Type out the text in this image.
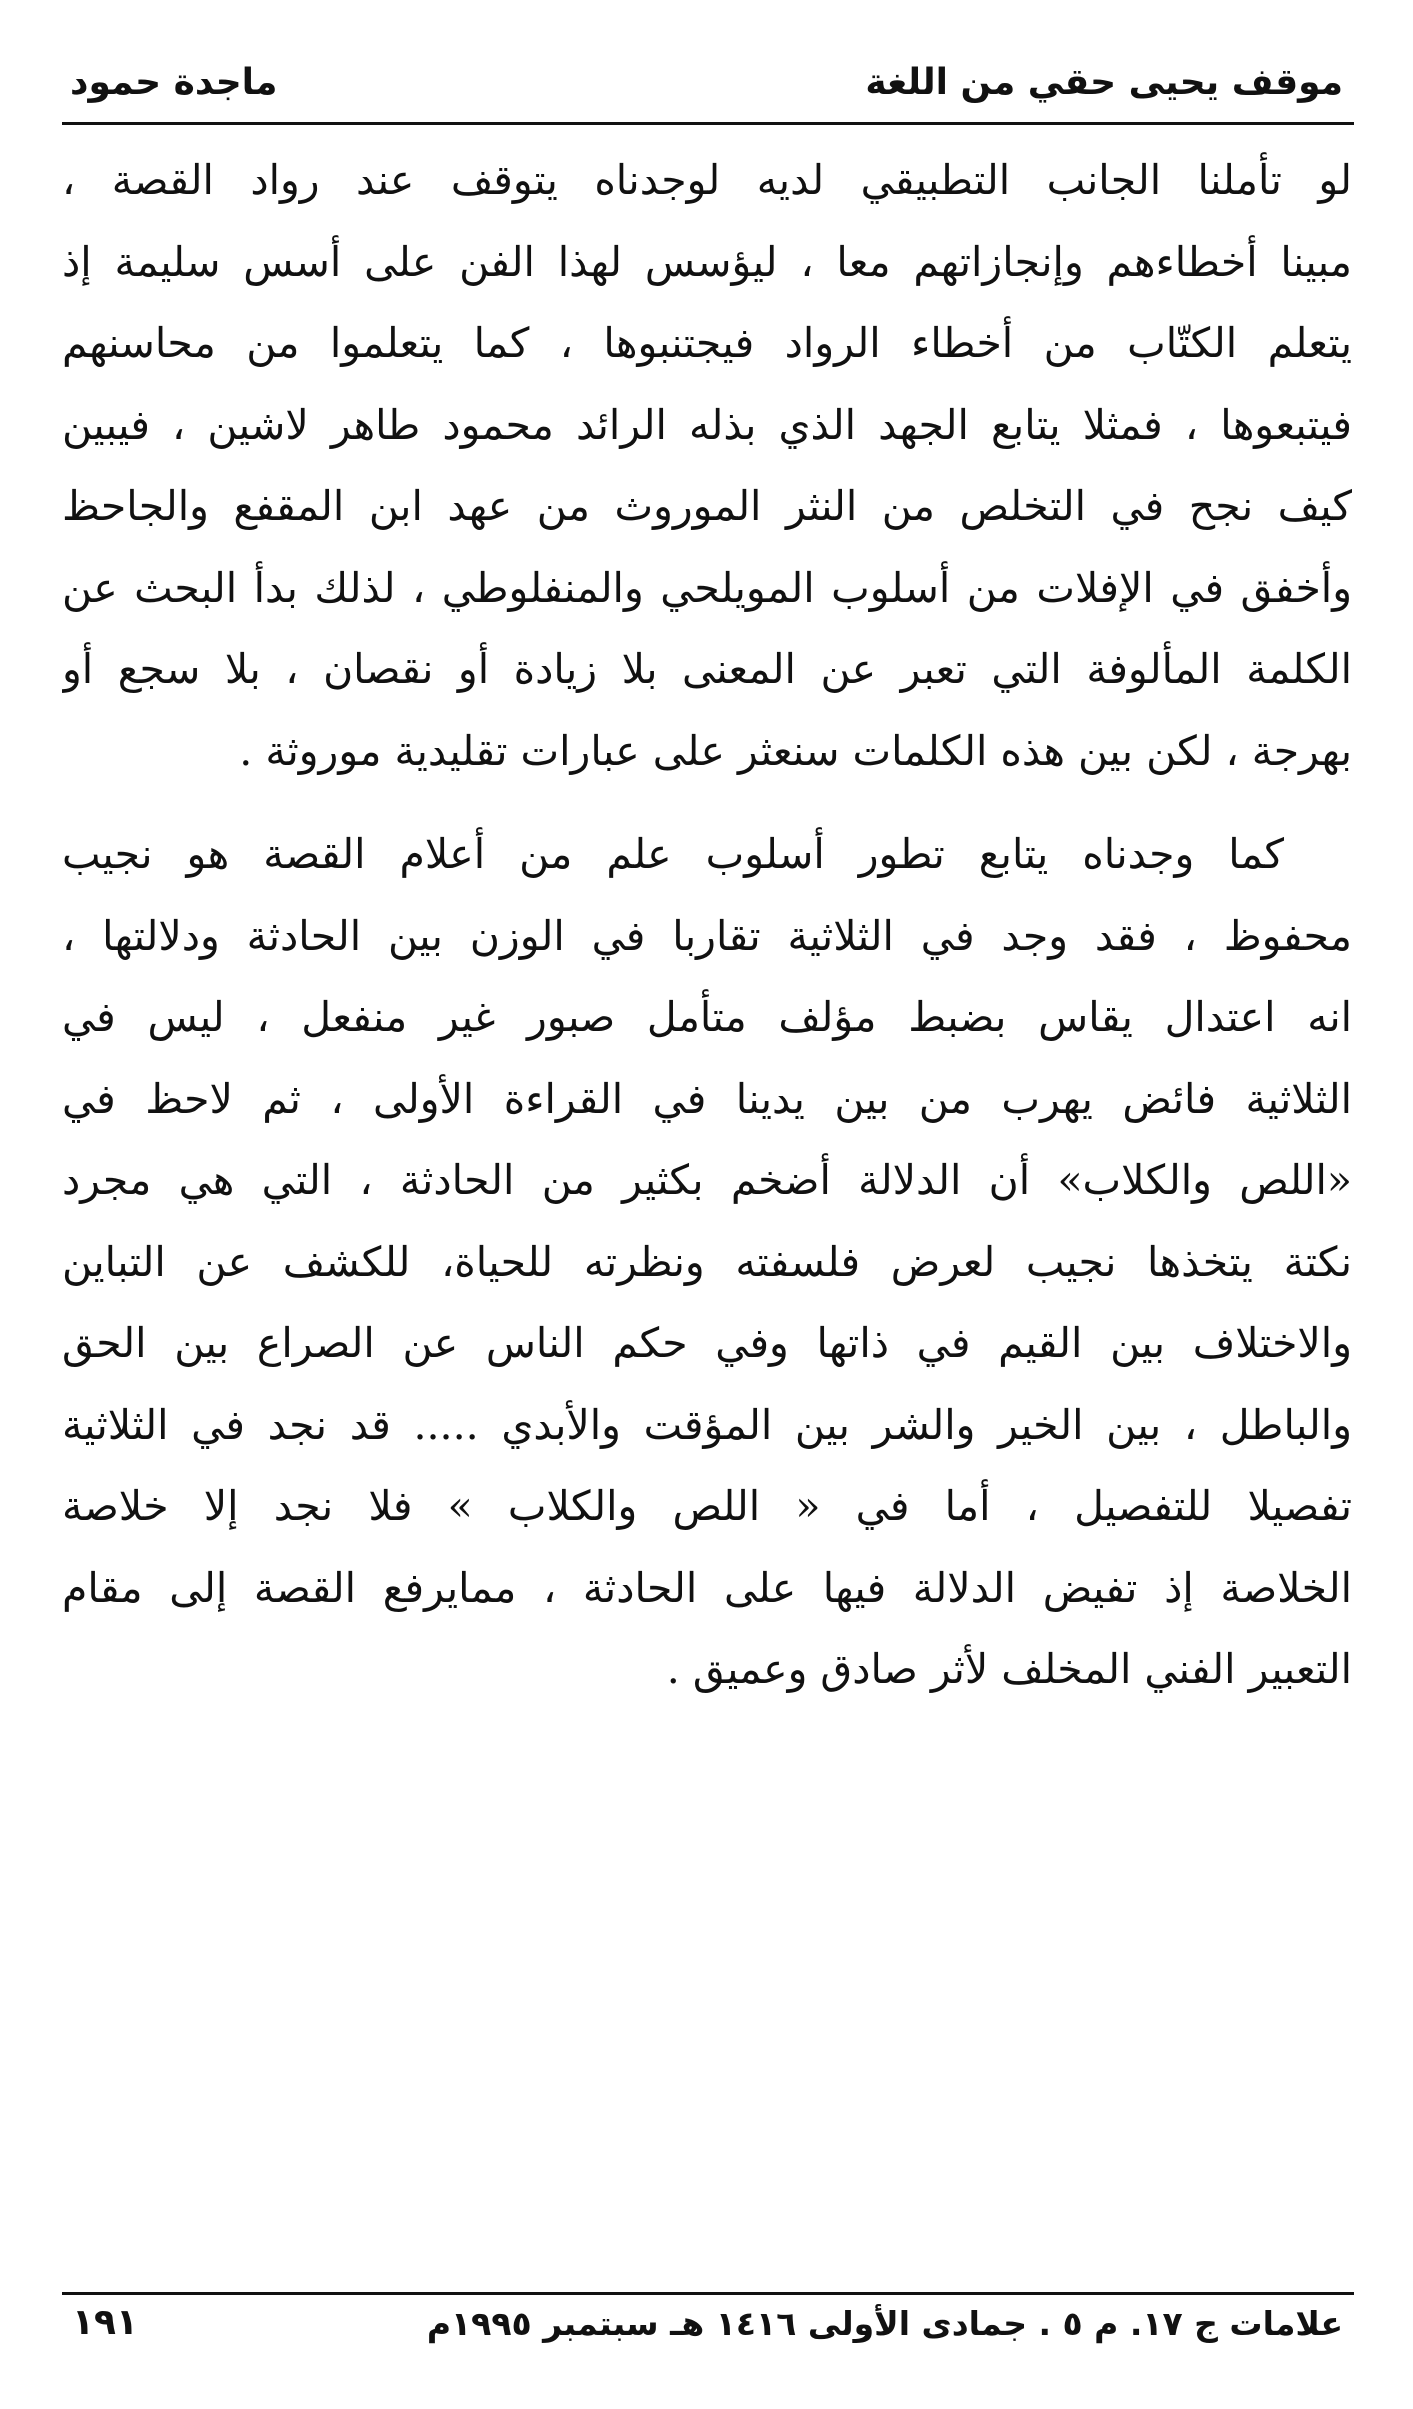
موقف يحيى حقي من اللغة
ماجدة حمود
لو تأملنا الجانب التطبيقي لديه لوجدناه يتوقف عند رواد القصة ،
مبينا أخطاءهم وإنجازاتهم معا ، ليؤسس لهذا الفن على أسس سليمة إذ
يتعلم الكتّاب من أخطاء الرواد فيجتنبوها ، كما يتعلموا من محاسنهم
فيتبعوها ، فمثلا يتابع الجهد الذي بذله الرائد محمود طاهر لاشين ، فيبين
كيف نجح في التخلص من النثر الموروث من عهد ابن المقفع والجاحظ
وأخفق في الإفلات من أسلوب المويلحي والمنفلوطي ، لذلك بدأ البحث عن
الكلمة المألوفة التي تعبر عن المعنى بلا زيادة أو نقصان ، بلا سجع أو
بهرجة ، لكن بين هذه الكلمات سنعثر على عبارات تقليدية موروثة .
كما وجدناه يتابع تطور أسلوب علم من أعلام القصة هو نجيب
محفوظ ، فقد وجد في الثلاثية تقاربا في الوزن بين الحادثة ودلالتها ،
انه اعتدال يقاس بضبط مؤلف متأمل صبور غير منفعل ، ليس في
الثلاثية فائض يهرب من بين يدينا في القراءة الأولى ، ثم لاحظ في
«اللص والكلاب» أن الدلالة أضخم بكثير من الحادثة ، التي هي مجرد
نكتة يتخذها نجيب لعرض فلسفته ونظرته للحياة، للكشف عن التباين
والاختلاف بين القيم في ذاتها وفي حكم الناس عن الصراع بين الحق
والباطل ، بين الخير والشر بين المؤقت والأبدي ..... قد نجد في الثلاثية
تفصيلا للتفصيل ، أما في « اللص والكلاب » فلا نجد إلا خلاصة
الخلاصة إذ تفيض الدلالة فيها على الحادثة ، ممايرفع القصة إلى مقام
التعبير الفني المخلف لأثر صادق وعميق .
علامات ج ١٧. م ٥ . جمادى الأولى ١٤١٦ هـ سبتمبر ١٩٩٥م
١٩١
